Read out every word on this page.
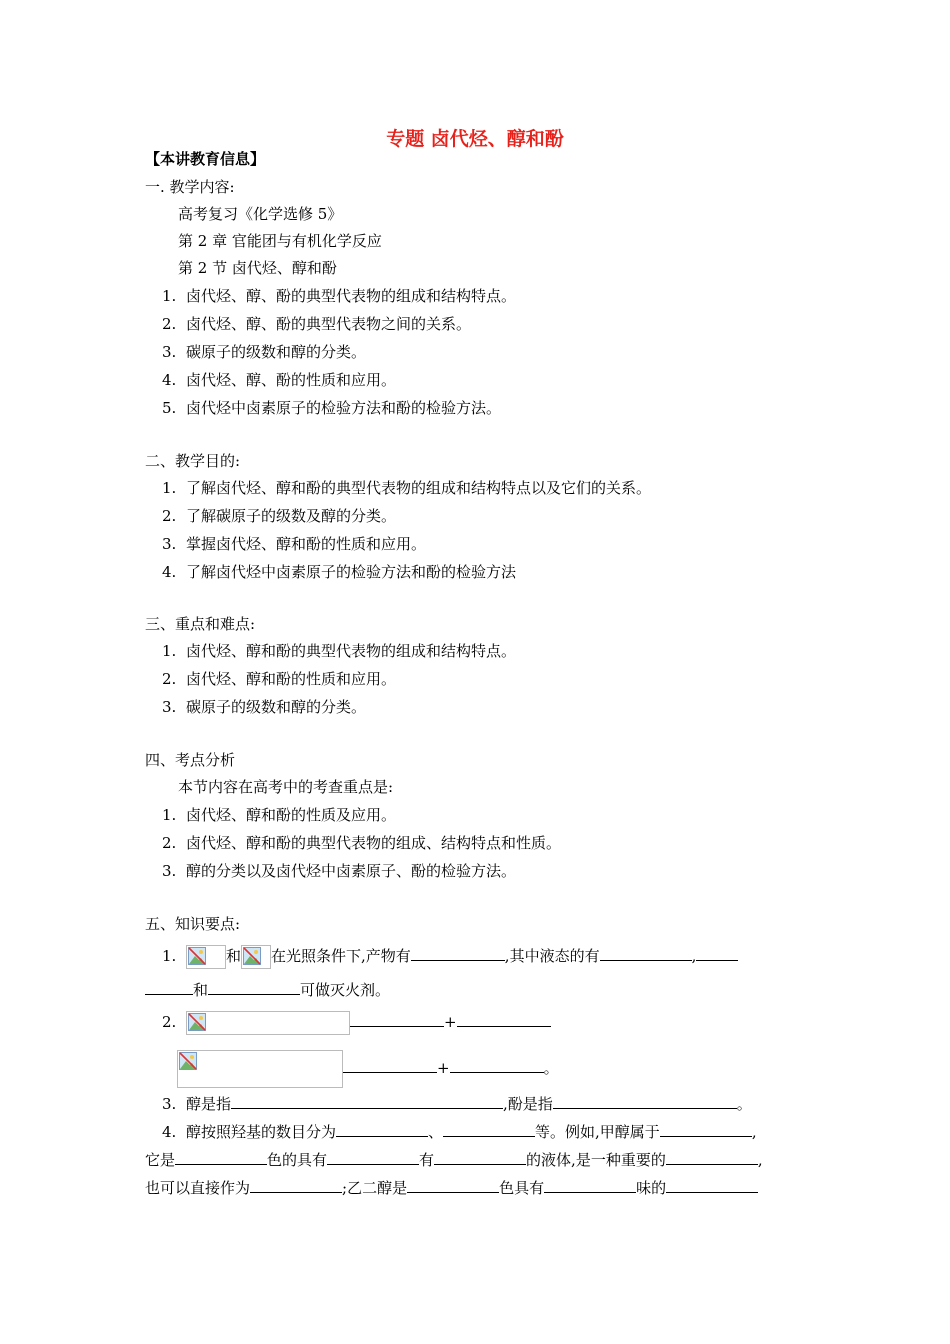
专题 卤代烃、醇和酚
【本讲教育信息】
一. 教学内容:
高考复习《化学选修 5》
第 2 章 官能团与有机化学反应
第 2 节 卤代烃、醇和酚
1. 卤代烃、醇、酚的典型代表物的组成和结构特点。
2. 卤代烃、醇、酚的典型代表物之间的关系。
3. 碳原子的级数和醇的分类。
4. 卤代烃、醇、酚的性质和应用。
5. 卤代烃中卤素原子的检验方法和酚的检验方法。
二、教学目的:
1. 了解卤代烃、醇和酚的典型代表物的组成和结构特点以及它们的关系。
2. 了解碳原子的级数及醇的分类。
3. 掌握卤代烃、醇和酚的性质和应用。
4. 了解卤代烃中卤素原子的检验方法和酚的检验方法
三、重点和难点:
1. 卤代烃、醇和酚的典型代表物的组成和结构特点。
2. 卤代烃、醇和酚的性质和应用。
3. 碳原子的级数和醇的分类。
四、考点分析
本节内容在高考中的考查重点是:
1. 卤代烃、醇和酚的性质及应用。
2. 卤代烃、醇和酚的典型代表物的组成、结构特点和性质。
3. 醇的分类以及卤代烃中卤素原子、酚的检验方法。
五、知识要点:
1.	和 在光照条件下,产物有	,其中液态的有	,
和	可做灭火剂。
2.	+
+	。
3. 醇是指	,酚是指	。
4. 醇按照羟基的数目分为	、	等。例如,甲醇属于	,
它是	色的具有	有	的液体,是一种重要的	,
也可以直接作为	;乙二醇是	色具有	味的
